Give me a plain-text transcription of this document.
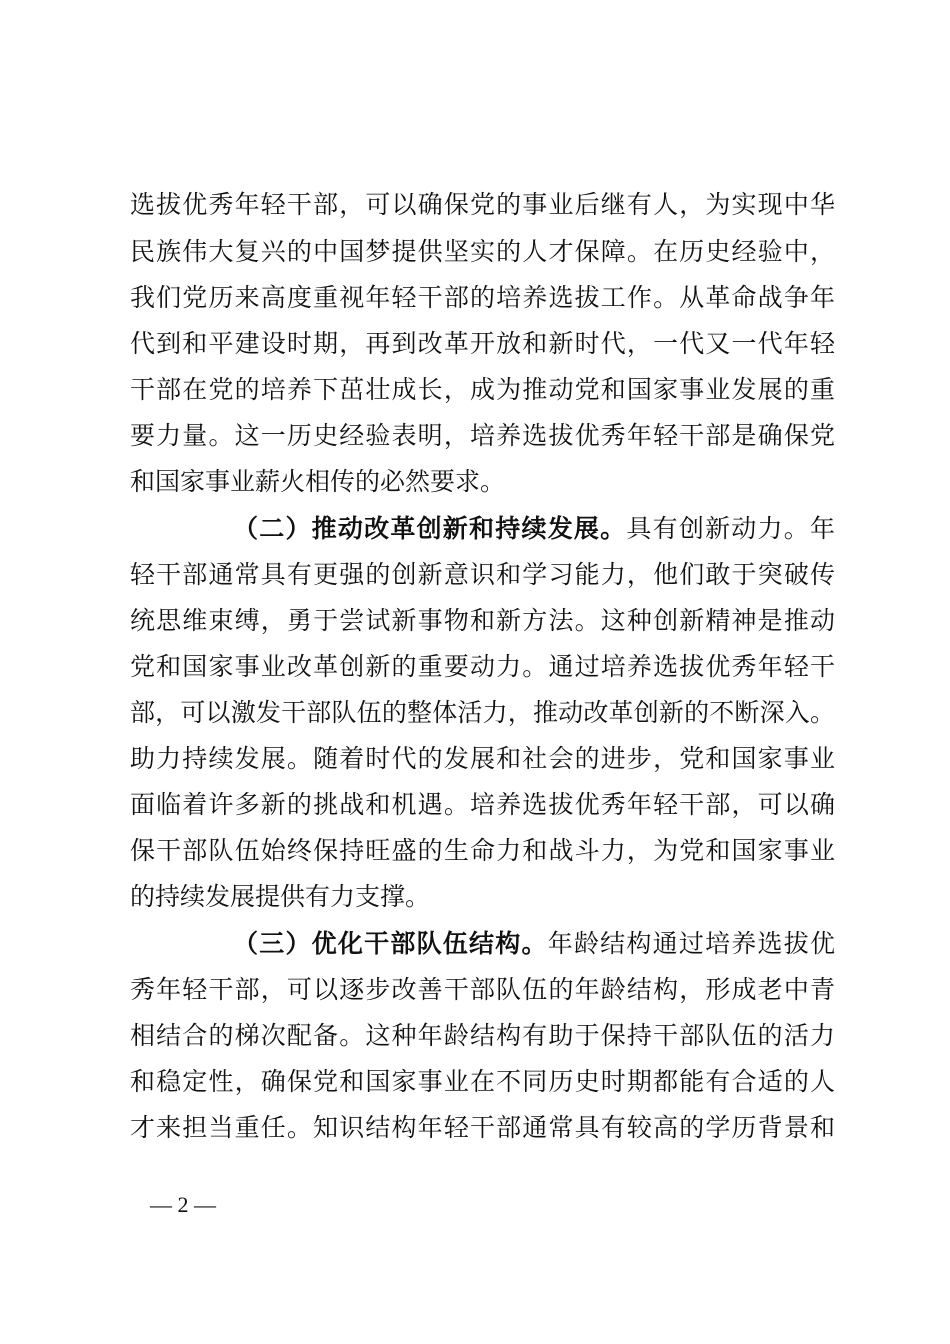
选拔优秀年轻干部，可以确保党的事业后继有人，为实现中华
民族伟大复兴的中国梦提供坚实的人才保障。在历史经验中，
我们党历来高度重视年轻干部的培养选拔工作。从革命战争年
代到和平建设时期，再到改革开放和新时代，一代又一代年轻
干部在党的培养下茁壮成长，成为推动党和国家事业发展的重
要力量。这一历史经验表明，培养选拔优秀年轻干部是确保党
和国家事业薪火相传的必然要求。
（二）推动改革创新和持续发展。具有创新动力。年
轻干部通常具有更强的创新意识和学习能力，他们敢于突破传
统思维束缚，勇于尝试新事物和新方法。这种创新精神是推动
党和国家事业改革创新的重要动力。通过培养选拔优秀年轻干
部，可以激发干部队伍的整体活力，推动改革创新的不断深入。
助力持续发展。随着时代的发展和社会的进步，党和国家事业
面临着许多新的挑战和机遇。培养选拔优秀年轻干部，可以确
保干部队伍始终保持旺盛的生命力和战斗力，为党和国家事业
的持续发展提供有力支撑。
（三）优化干部队伍结构。年龄结构通过培养选拔优
秀年轻干部，可以逐步改善干部队伍的年龄结构，形成老中青
相结合的梯次配备。这种年龄结构有助于保持干部队伍的活力
和稳定性，确保党和国家事业在不同历史时期都能有合适的人
才来担当重任。知识结构年轻干部通常具有较高的学历背景和
— 2 —
